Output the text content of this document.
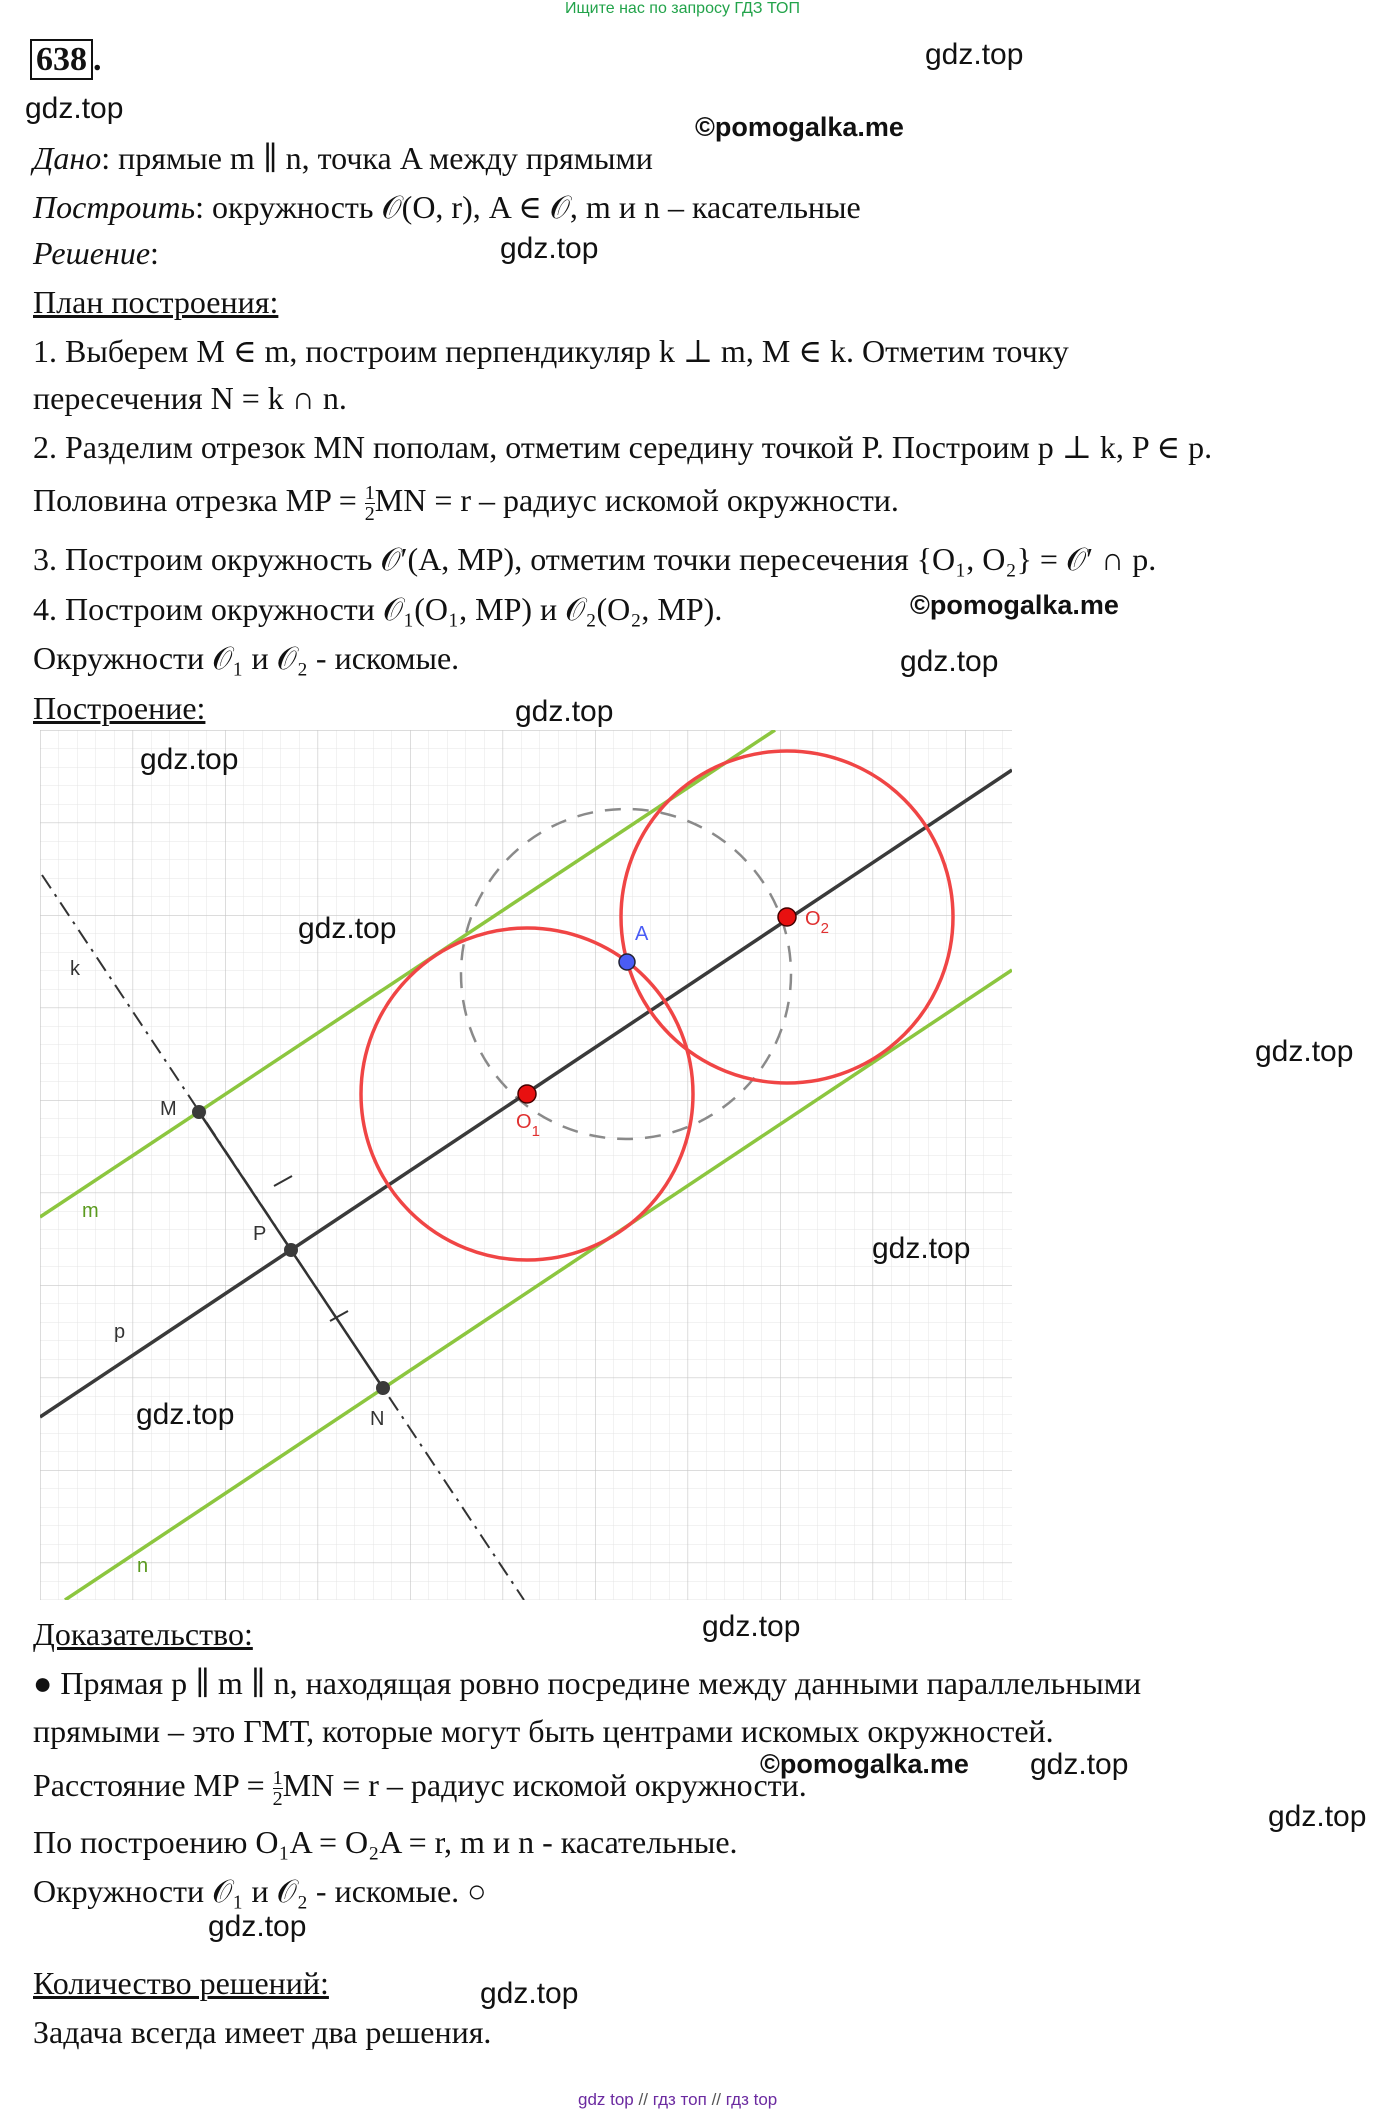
Ищите нас по запросу ГДЗ ТОП
638 .	gdz.top
gdz.top
©pomogalka.me
gdz.top
Дано: прямые m ∥ n, точка A между прямыми
Построить: окружность 𝒪(O, r), A ∈ 𝒪, m и n – касательные
Решение:
План построения:
1. Выберем M ∈ m, построим перпендикуляр k ⊥ m, M ∈ k. Отметим точку
пересечения N = k ∩ n.
2. Разделим отрезок MN пополам, отметим середину точкой P. Построим p ⊥ k, P ∈ p.
Половина отрезка MP = $\frac{1}{2}$ MN = r – радиус искомой окружности.
3. Построим окружность 𝒪′(A, MP), отметим точки пересечения {O₁, O₂} = 𝒪′ ∩ p.
4. Построим окружности 𝒪₁(O₁, MP) и 𝒪₂(O₂, MP).	©pomogalka.me
Окружности 𝒪₁ и 𝒪₂ - искомые.	gdz.top
Построение:	gdz.top
k
M
m
P
p
N
n
A
$O_1$
$O_2$
gdz.top
gdz.top
gdz.top
gdz.top
gdz.top
Доказательство:	gdz.top
● Прямая p ∥ m ∥ n, находящая ровно посредине между данными параллельными
прямыми – это ГМТ, которые могут быть центрами искомых окружностей.
Расстояние MP = $\frac{1}{2}$ MN = r – радиус искомой окружности.
©pomogalka.me gdz.top
gdz.top
По построению O₁A = O₂A = r, m и n - касательные.
Окружности 𝒪₁ и 𝒪₂ - искомые. ○
gdz.top
Количество решений:	gdz.top
Задача всегда имеет два решения.
gdz top // гдз топ // гдз top
